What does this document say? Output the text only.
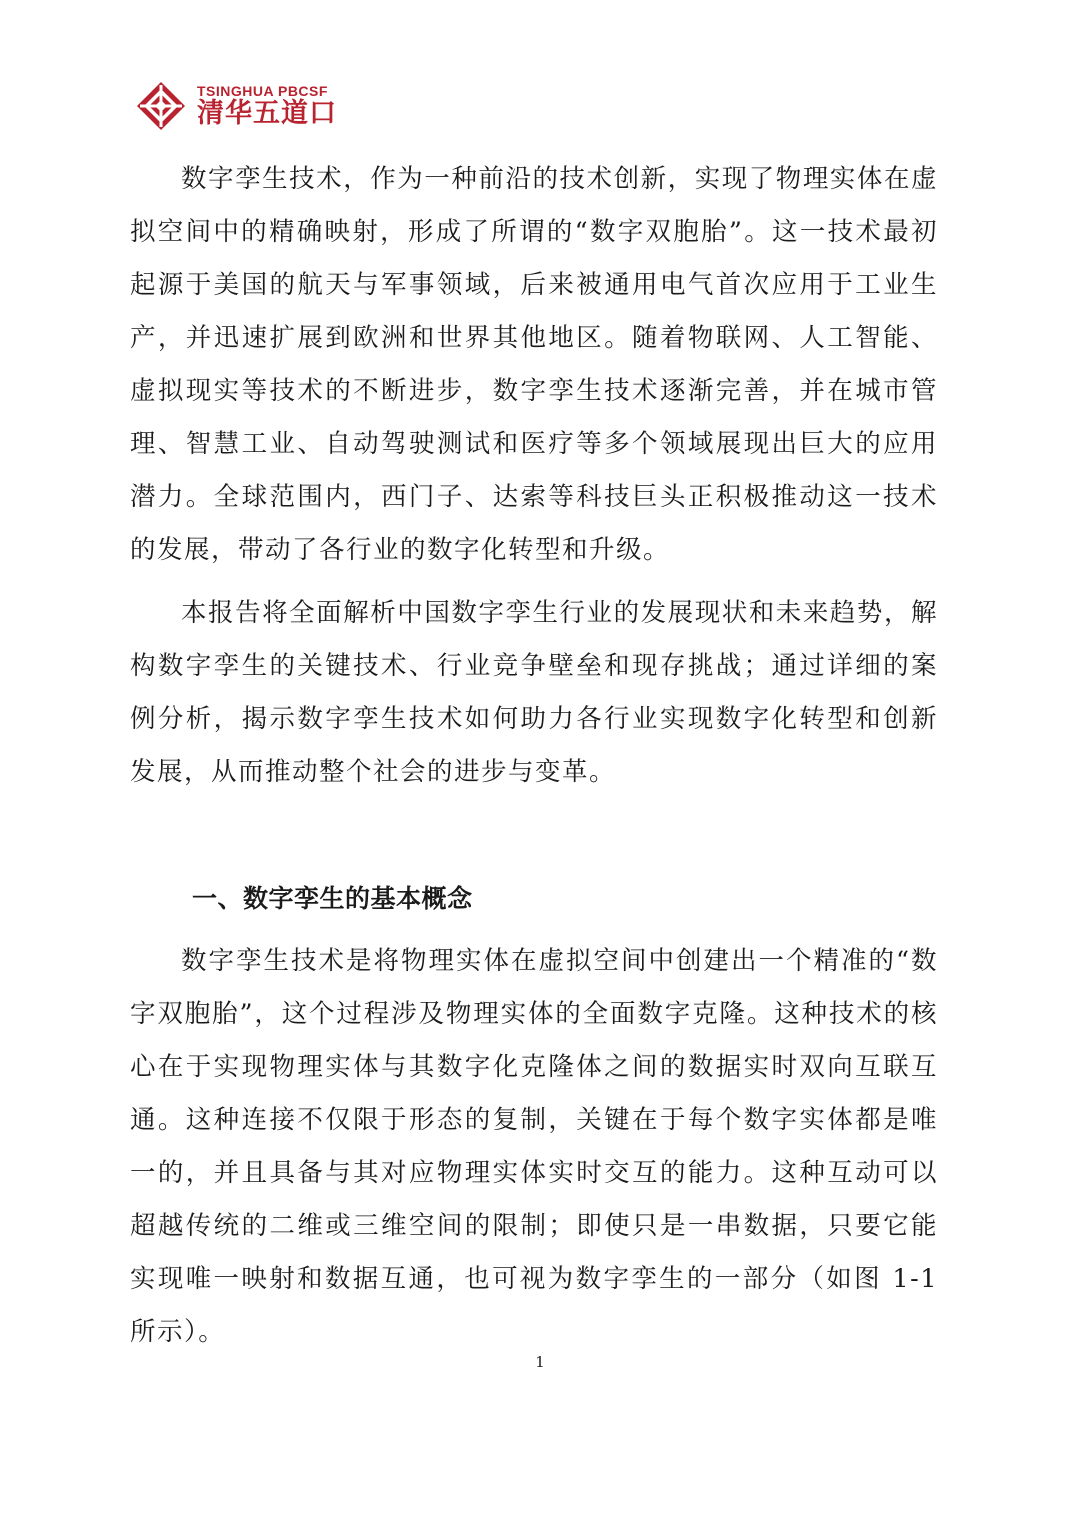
TSINGHUA PBCSF
清华五道口

数字孪生技术，作为一种前沿的技术创新，实现了物理实体在虚拟空间中的精确映射，形成了所谓的“数字双胞胎”。这一技术最初起源于美国的航天与军事领域，后来被通用电气首次应用于工业生产，并迅速扩展到欧洲和世界其他地区。随着物联网、人工智能、虚拟现实等技术的不断进步，数字孪生技术逐渐完善，并在城市管理、智慧工业、自动驾驶测试和医疗等多个领域展现出巨大的应用潜力。全球范围内，西门子、达索等科技巨头正积极推动这一技术的发展，带动了各行业的数字化转型和升级。

本报告将全面解析中国数字孪生行业的发展现状和未来趋势，解构数字孪生的关键技术、行业竞争壁垒和现存挑战；通过详细的案例分析，揭示数字孪生技术如何助力各行业实现数字化转型和创新发展，从而推动整个社会的进步与变革。

一、数字孪生的基本概念

数字孪生技术是将物理实体在虚拟空间中创建出一个精准的“数字双胞胎”，这个过程涉及物理实体的全面数字克隆。这种技术的核心在于实现物理实体与其数字化克隆体之间的数据实时双向互联互通。这种连接不仅限于形态的复制，关键在于每个数字实体都是唯一的，并且具备与其对应物理实体实时交互的能力。这种互动可以超越传统的二维或三维空间的限制；即使只是一串数据，只要它能实现唯一映射和数据互通，也可视为数字孪生的一部分（如图 1-1 所示）。

1
